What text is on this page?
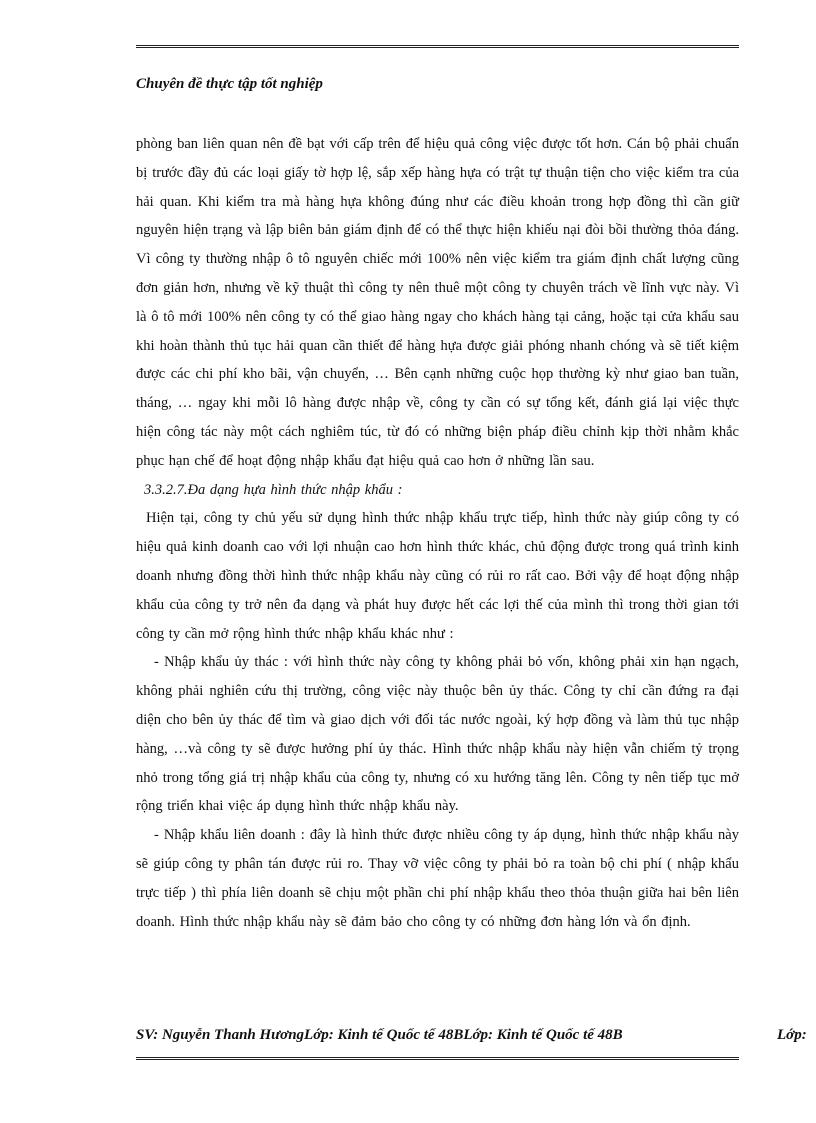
Chuyên đề thực tập tốt nghiệp

phòng ban liên quan nên đề bạt với cấp trên để hiệu quả công việc được tốt hơn. Cán bộ phải chuẩn bị trước đầy đủ các loại giấy tờ hợp lệ, sắp xếp hàng hựa có trật tự thuận tiện cho việc kiểm tra của hải quan. Khi kiểm tra mà hàng hựa không đúng như các điều khoản trong hợp đồng thì cần giữ nguyên hiện trạng và lập biên bản giám định để có thể thực hiện khiếu nại đòi bồi thường thỏa đáng. Vì công ty thường nhập ô tô nguyên chiếc mới 100% nên việc kiểm tra giám định chất lượng cũng đơn giản hơn, nhưng về kỹ thuật thì công ty nên thuê một công ty chuyên trách về lĩnh vực này. Vì là ô tô mới 100% nên công ty có thể giao hàng ngay cho khách hàng tại cảng, hoặc tại cửa khẩu sau khi hoàn thành thủ tục hải quan cần thiết để hàng hựa được giải phóng nhanh chóng và sẽ tiết kiệm được các chi phí kho bãi, vận chuyển, … Bên cạnh những cuộc họp thường kỳ như giao ban tuần, tháng, … ngay khi mỗi lô hàng được nhập về, công ty cần có sự tổng kết, đánh giá lại việc thực hiện công tác này một cách nghiêm túc, từ đó có những biện pháp điều chỉnh kịp thời nhằm khắc phục hạn chế để hoạt động nhập khẩu đạt hiệu quả cao hơn ở những lần sau.

3.3.2.7.Đa dạng hựa hình thức nhập khẩu :

Hiện tại, công ty chủ yếu sử dụng hình thức nhập khẩu trực tiếp, hình thức này giúp công ty có hiệu quả kinh doanh cao với lợi nhuận cao hơn hình thức khác, chủ động được trong quá trình kinh doanh nhưng đồng thời hình thức nhập khẩu này cũng có rủi ro rất cao. Bởi vậy để hoạt động nhập khẩu của công ty trở nên đa dạng và phát huy được hết các lợi thế của mình thì trong thời gian tới công ty cần mở rộng hình thức nhập khẩu khác như :

- Nhập khẩu ủy thác : với hình thức này công ty không phải bỏ vốn, không phải xin hạn ngạch, không phải nghiên cứu thị trường, công việc này thuộc bên ủy thác. Công ty chỉ cần đứng ra đại diện cho bên ủy thác để tìm và giao dịch với đối tác nước ngoài, ký hợp đồng và làm thủ tục nhập hàng, …và công ty sẽ được hưởng phí ủy thác. Hình thức nhập khẩu này hiện vẫn chiếm tỷ trọng nhỏ trong tổng giá trị nhập khẩu của công ty, nhưng có xu hướng tăng lên. Công ty nên tiếp tục mở rộng triển khai việc áp dụng hình thức nhập khẩu này.

- Nhập khẩu liên doanh : đây là hình thức được nhiều công ty áp dụng, hình thức nhập khẩu này sẽ giúp công ty phân tán được rủi ro. Thay vỡ việc công ty phải bỏ ra toàn bộ chi phí ( nhập khẩu trực tiếp ) thì phía liên doanh sẽ chịu một phần chi phí nhập khẩu theo thỏa thuận giữa hai bên liên doanh. Hình thức nhập khẩu này sẽ đảm bảo cho công ty có những đơn hàng lớn và ổn định.

SV: Nguyễn Thanh HươngLớp: Kinh tế Quốc tế 48BLớp: Kinh tế Quốc tế 48B	Lớp:
